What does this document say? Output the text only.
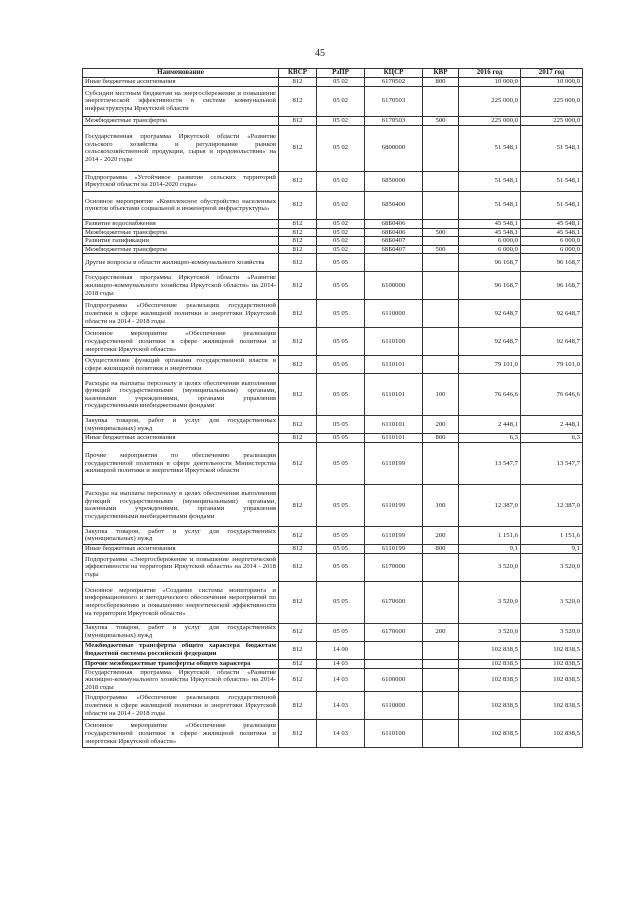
45
Наименование	КВСР	РзПР	КЦСР	КВР	2016 год	2017 год
Иные бюджетные ассигнования	812	05 02	6170502	800	10 000,0	10 000,0
Субсидии местным бюджетам на энергосбережение и повышение энергетической эффективности в системе коммунальной инфраструктуры Иркутской области	812	05 02	6170503		225 000,0	225 000,0
Межбюджетные трансферты	812	05 02	6170503	500	225 000,0	225 000,0
Государственная программа Иркутской области «Развитие сельского хозяйства и регулирование рынков сельскохозяйственной продукции, сырья и продовольствия» на 2014 - 2020 годы	812	05 02	6800000		51 548,1	51 548,1
Подпрограмма «Устойчивое развитие сельских территорий Иркутской области на 2014-2020 годы»	812	05 02	6850000		51 548,1	51 548,1
Основное мероприятие «Комплексное обустройство населенных пунктов объектами социальной и инженерной инфраструктуры»	812	05 02	6850400		51 548,1	51 548,1
Развитие водоснабжения	812	05 02	68Б0406		45 548,1	45 548,1
Межбюджетные трансферты	812	05 02	68Б0406	500	45 548,1	45 548,1
Развитие газификации	812	05 02	68Б0407		6 000,0	6 000,0
Межбюджетные трансферты	812	05 02	68Б0407	500	6 000,0	6 000,0
Другие вопросы в области жилищно-коммунального хозяйства	812	05 05			96 168,7	96 168,7
Государственная программа Иркутской области «Развитие жилищно-коммунального хозяйства Иркутской области» на 2014-2018 годы	812	05 05	6100000		96 168,7	96 168,7
Подпрограмма «Обеспечение реализации государственной политики в сфере жилищной политики и энергетики Иркутской области на 2014 - 2018 годы	812	05 05	6110000		92 648,7	92 648,7
Основное мероприятие «Обеспечение реализации государственной политики в сфере жилищной политики и энергетики Иркутской области»	812	05 05	6110100		92 648,7	92 648,7
Осуществление функций органами государственной власти в сфере жилищной политики и энергетики	812	05 05	6110101		79 101,0	79 101,0
Расходы на выплаты персоналу в целях обеспечения выполнения функций государственными (муниципальными) органами, казенными учреждениями, органами управления государственными внебюджетными фондами	812	05 05	6110101	100	76 646,6	76 646,6
Закупка товаров, работ и услуг для государственных (муниципальных) нужд	812	05 05	6110101	200	2 448,1	2 448,1
Иные бюджетные ассигнования	812	05 05	6110101	800	6,3	6,3
Прочие мероприятия по обеспечению реализации государственной политики в сфере деятельности Министерства жилищной политики и энергетики Иркутской области	812	05 05	6110199		13 547,7	13 547,7
Расходы на выплаты персоналу в целях обеспечения выполнения функций государственными (муниципальными) органами, казенными учреждениями, органами управления государственными внебюджетными фондами	812	05 05	6110199	100	12 387,0	12 387,0
Закупка товаров, работ и услуг для государственных (муниципальных) нужд	812	05 05	6110199	200	1 151,6	1 151,6
Иные бюджетные ассигнования	812	05 05	6110199	800	9,1	9,1
Подпрограмма «Энергосбережение и повышение энергетической эффективности на территории Иркутской области» на 2014 - 2018 годы	812	05 05	6170000		3 520,0	3 520,0
Основное мероприятие «Создание системы мониторинга и информационного и методического обеспечения мероприятий по энергосбережению и повышению энергетической эффективности на территории Иркутской области»	812	05 05	6170600		3 520,0	3 520,0
Закупка товаров, работ и услуг для государственных (муниципальных) нужд	812	05 05	6170600	200	3 520,0	3 520,0
Межбюджетные трансферты общего характера бюджетам бюджетной системы российской федерации	812	14 00			102 838,5	102 838,5
Прочие межбюджетные трансферты общего характера	812	14 03			102 838,5	102 838,5
Государственная программа Иркутской области «Развитие жилищно-коммунального хозяйства Иркутской области» на 2014-2018 годы	812	14 03	6100000		102 838,5	102 838,5
Подпрограмма «Обеспечение реализации государственной политики в сфере жилищной политики и энергетики Иркутской области на 2014 - 2018 годы	812	14 03	6110000		102 838,5	102 838,5
Основное мероприятие «Обеспечение реализации государственной политики в сфере жилищной политики и энергетики Иркутской области»	812	14 03	6110100		102 838,5	102 838,5
